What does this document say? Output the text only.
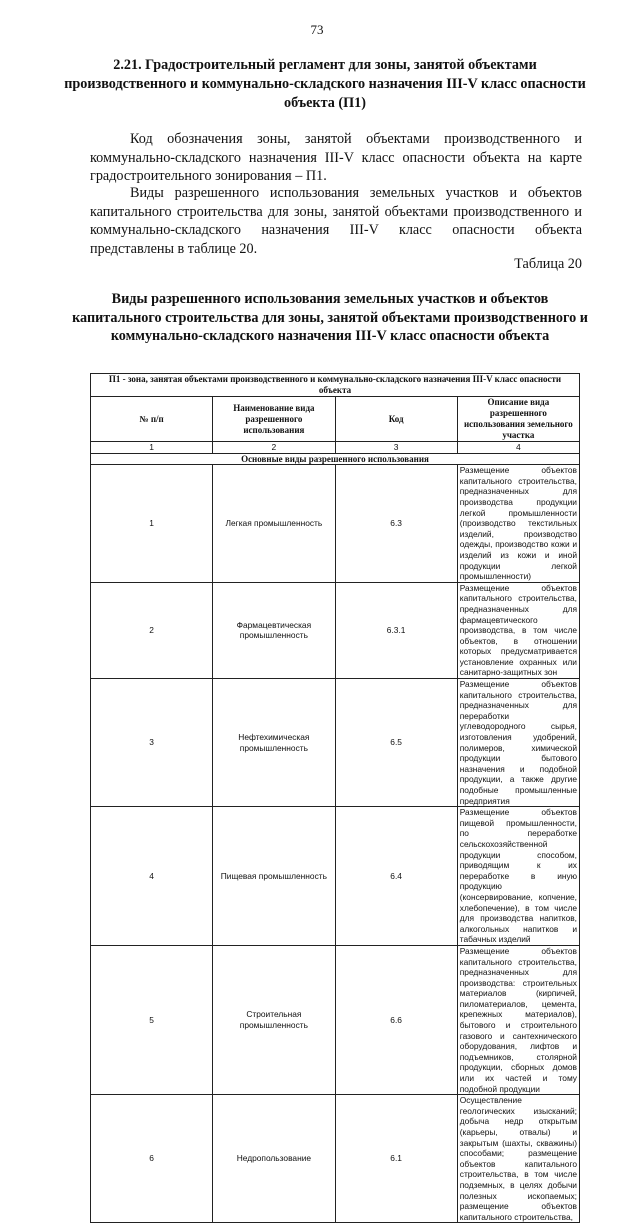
73
2.21. Градостроительный регламент для зоны, занятой объектами производственного и коммунально-складского назначения III-V класс опасности объекта (П1)
Код обозначения зоны, занятой объектами производственного и коммунально-складского назначения III-V класс опасности объекта на карте градостроительного зонирования – П1.
Виды разрешенного использования земельных участков и объектов капитального строительства для зоны, занятой объектами производственного и коммунально-складского назначения III-V класс опасности объекта представлены в таблице 20.
Таблица 20
Виды разрешенного использования земельных участков и объектов капитального строительства для зоны, занятой объектами производственного и коммунально-складского назначения III-V класс опасности объекта
П1 - зона, занятая объектами производственного и коммунально-складского назначения III-V класс опасности объекта			
№ п/п	Наименование вида разрешенного использования	Код	Описание вида разрешенного использования земельного участка
1	2	3	4
Основные виды разрешенного использования			
1	Легкая промышленность	6.3	Размещение объектов капитального строительства, предназначенных для производства продукции легкой промышленности (производство текстильных изделий, производство одежды, производство кожи и изделий из кожи и иной продукции легкой промышленности)
2	Фармацевтическая промышленность	6.3.1	Размещение объектов капитального строительства, предназначенных для фармацевтического производства, в том числе объектов, в отношении которых предусматривается установление охранных или санитарно-защитных зон
3	Нефтехимическая промышленность	6.5	Размещение объектов капитального строительства, предназначенных для переработки углеводородного сырья, изготовления удобрений, полимеров, химической продукции бытового назначения и подобной продукции, а также другие подобные промышленные предприятия
4	Пищевая промышленность	6.4	Размещение объектов пищевой промышленности, по переработке сельскохозяйственной продукции способом, приводящим к их переработке в иную продукцию (консервирование, копчение, хлебопечение), в том числе для производства напитков, алкогольных напитков и табачных изделий
5	Строительная промышленность	6.6	Размещение объектов капитального строительства, предназначенных для производства: строительных материалов (кирпичей, пиломатериалов, цемента, крепежных материалов), бытового и строительного газового и сантехнического оборудования, лифтов и подъемников, столярной продукции, сборных домов или их частей и тому подобной продукции
6	Недропользование	6.1	Осуществление геологических изысканий; добыча недр открытым (карьеры, отвалы) и закрытым (шахты, скважины) способами; размещение объектов капитального строительства, в том числе подземных, в целях добычи полезных ископаемых; размещение объектов капитального строительства,
